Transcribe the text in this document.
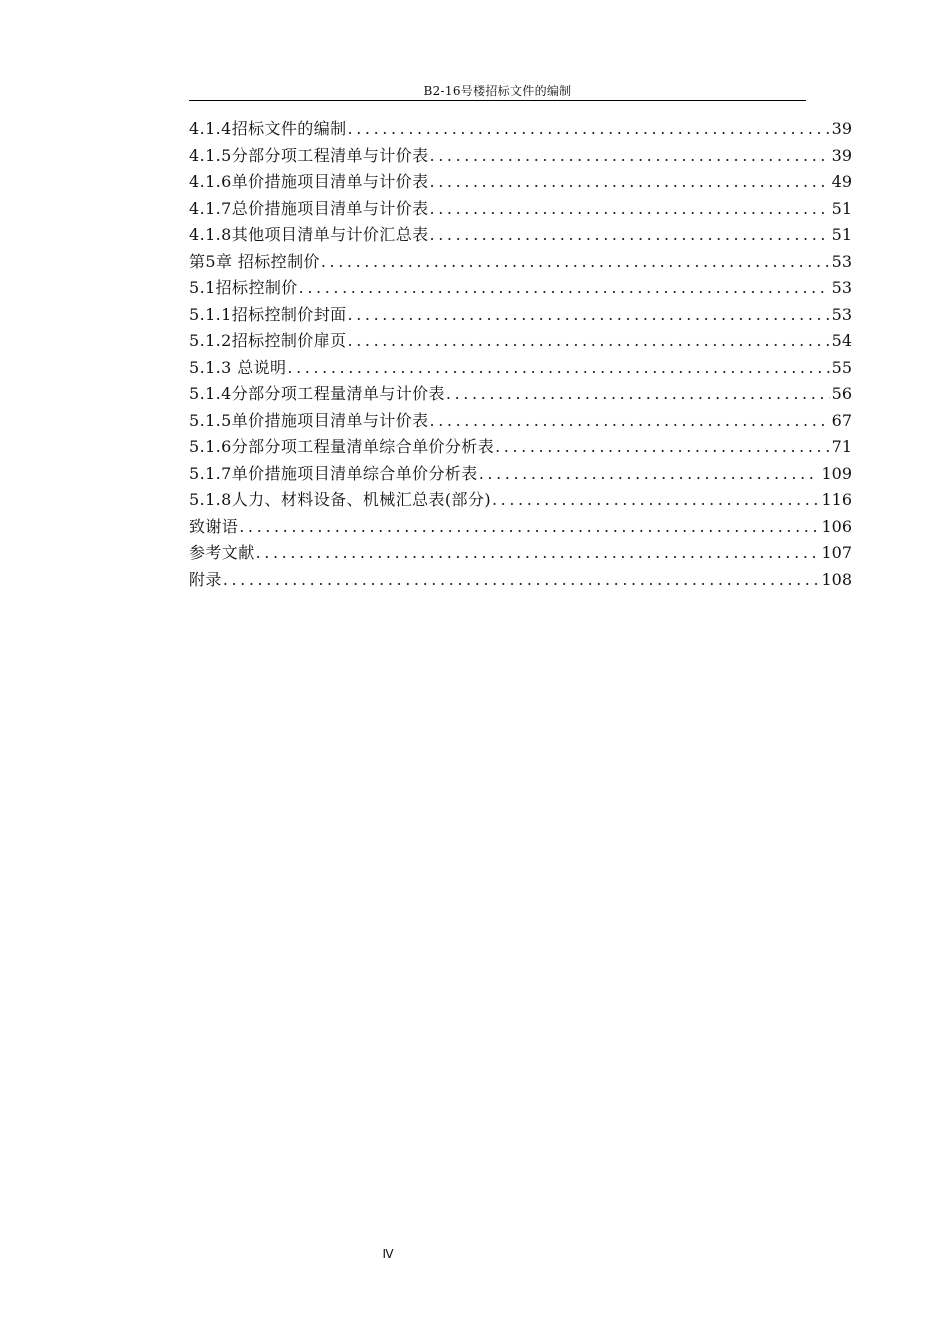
B2-16号楼招标文件的编制
4.1.4招标文件的编制 .....	39
4.1.5分部分项工程清单与计价表 .....	39
4.1.6单价措施项目清单与计价表 .....	49
4.1.7总价措施项目清单与计价表 .....	51
4.1.8其他项目清单与计价汇总表 .....	51
第5章 招标控制价 .....	53
5.1招标控制价 .....	53
5.1.1招标控制价封面 .....	53
5.1.2招标控制价扉页 .....	54
5.1.3 总说明 .....	55
5.1.4分部分项工程量清单与计价表 .....	56
5.1.5单价措施项目清单与计价表 .....	67
5.1.6分部分项工程量清单综合单价分析表 .....	71
5.1.7单价措施项目清单综合单价分析表 .....	109
5.1.8人力、材料设备、机械汇总表(部分) .....	116
致谢语 .....	106
参考文献 .....	107
附录 .....	108
Ⅳ
